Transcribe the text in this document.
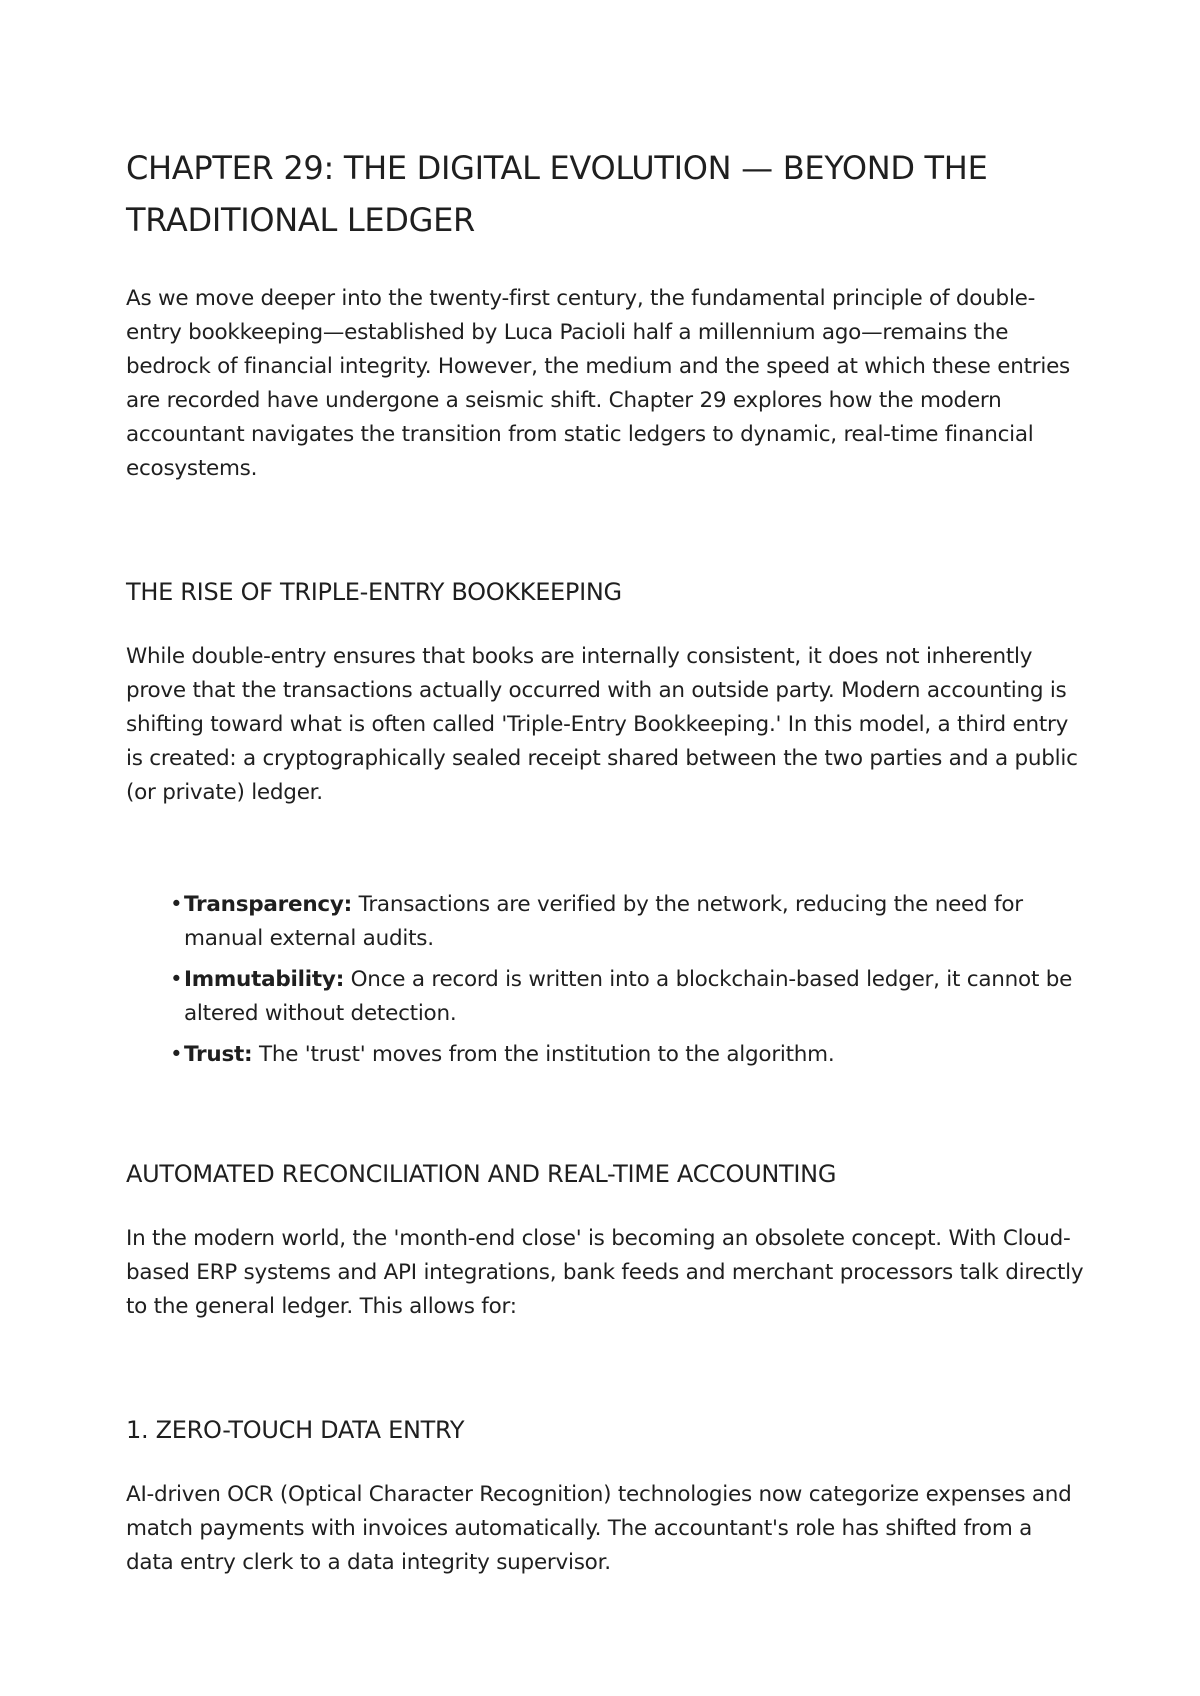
CHAPTER 29: THE DIGITAL EVOLUTION — BEYOND THE TRADITIONAL LEDGER

As we move deeper into the twenty-first century, the fundamental principle of double-entry bookkeeping—established by Luca Pacioli half a millennium ago—remains the bedrock of financial integrity. However, the medium and the speed at which these entries are recorded have undergone a seismic shift. Chapter 29 explores how the modern accountant navigates the transition from static ledgers to dynamic, real-time financial ecosystems.

THE RISE OF TRIPLE-ENTRY BOOKKEEPING

While double-entry ensures that books are internally consistent, it does not inherently prove that the transactions actually occurred with an outside party. Modern accounting is shifting toward what is often called 'Triple-Entry Bookkeeping.' In this model, a third entry is created: a cryptographically sealed receipt shared between the two parties and a public (or private) ledger.

• Transparency: Transactions are verified by the network, reducing the need for manual external audits.
• Immutability: Once a record is written into a blockchain-based ledger, it cannot be altered without detection.
• Trust: The 'trust' moves from the institution to the algorithm.
AUTOMATED RECONCILIATION AND REAL-TIME ACCOUNTING

In the modern world, the 'month-end close' is becoming an obsolete concept. With Cloud-based ERP systems and API integrations, bank feeds and merchant processors talk directly to the general ledger. This allows for:

1. ZERO-TOUCH DATA ENTRY

AI-driven OCR (Optical Character Recognition) technologies now categorize expenses and match payments with invoices automatically. The accountant's role has shifted from a data entry clerk to a data integrity supervisor.
